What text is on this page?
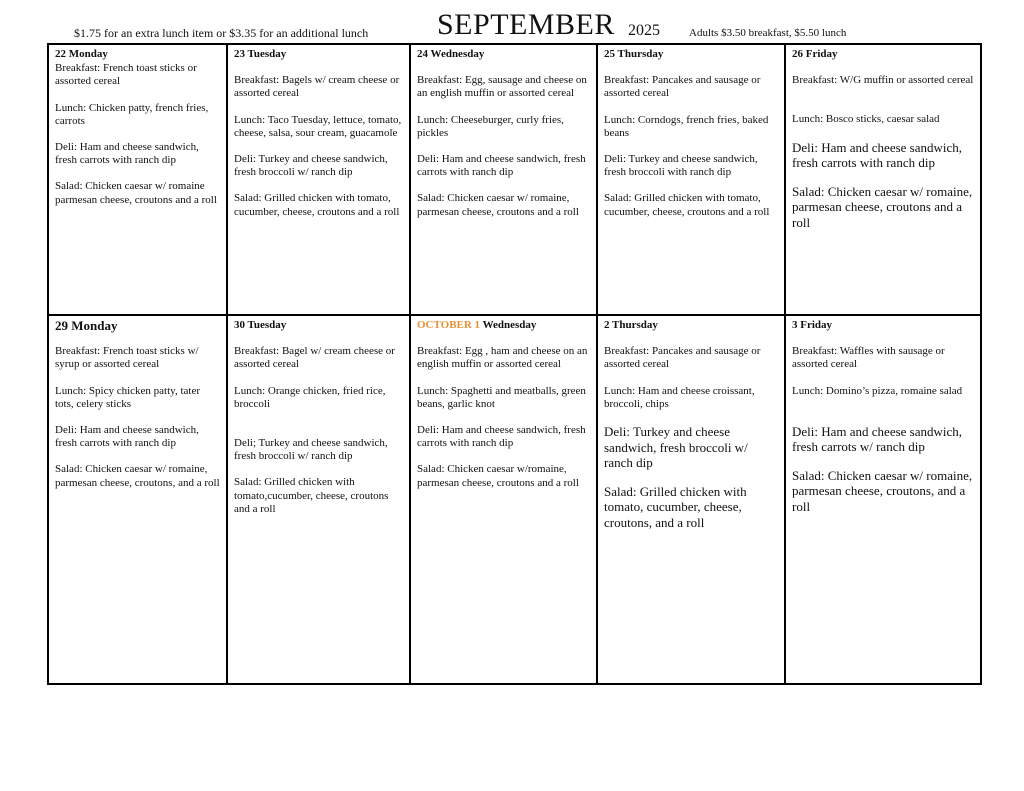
$1.75 for an extra lunch item or $3.35 for an additional lunch SEPTEMBER 2025	Adults $3.50 breakfast, $5.50 lunch
22 Monday

Breakfast: French toast sticks or assorted cereal

Lunch: Chicken patty, french fries, carrots

Deli: Ham and cheese sandwich, fresh carrots with ranch dip

Salad: Chicken caesar w/ romaine parmesan cheese, croutons and a roll

23 Tuesday

Breakfast: Bagels w/ cream cheese or assorted cereal

Lunch: Taco Tuesday, lettuce, tomato, cheese, salsa, sour cream, guacamole

Deli: Turkey and cheese sandwich, fresh broccoli w/ ranch dip

Salad: Grilled chicken with tomato, cucumber, cheese, croutons and a roll

24 Wednesday

Breakfast: Egg, sausage and cheese on an english muffin or assorted cereal

Lunch: Cheeseburger, curly fries, pickles

Deli: Ham and cheese sandwich, fresh carrots with ranch dip

Salad: Chicken caesar w/ romaine, parmesan cheese, croutons and a roll

25 Thursday

Breakfast: Pancakes and sausage or assorted cereal

Lunch: Corndogs, french fries, baked beans

Deli: Turkey and cheese sandwich, fresh broccoli with ranch dip

Salad: Grilled chicken with tomato, cucumber, cheese, croutons and a roll

26 Friday

Breakfast: W/G muffin or assorted cereal

Lunch: Bosco sticks, caesar salad

Deli: Ham and cheese sandwich, fresh carrots with ranch dip

Salad: Chicken caesar w/ romaine, parmesan cheese, croutons and a roll

29 Monday

Breakfast: French toast sticks w/ syrup or assorted cereal

Lunch: Spicy chicken patty, tater tots, celery sticks

Deli: Ham and cheese sandwich, fresh carrots with ranch dip

Salad: Chicken caesar w/ romaine, parmesan cheese, croutons, and a roll

30 Tuesday

Breakfast: Bagel w/ cream cheese or assorted cereal

Lunch: Orange chicken, fried rice, broccoli

Deli; Turkey and cheese sandwich, fresh broccoli w/ ranch dip

Salad: Grilled chicken with tomato,cucumber, cheese, croutons and a roll

OCTOBER 1 Wednesday

Breakfast: Egg , ham and cheese on an english muffin or assorted cereal

Lunch: Spaghetti and meatballs, green beans, garlic knot

Deli: Ham and cheese sandwich, fresh carrots with ranch dip

Salad: Chicken caesar w/romaine, parmesan cheese, croutons and a roll

2 Thursday

Breakfast: Pancakes and sausage or assorted cereal

Lunch: Ham and cheese croissant, broccoli, chips

Deli: Turkey and cheese sandwich, fresh broccoli w/ ranch dip

Salad: Grilled chicken with tomato, cucumber, cheese, croutons, and a roll

3 Friday

Breakfast: Waffles with sausage or assorted cereal

Lunch: Domino’s pizza, romaine salad

Deli: Ham and cheese sandwich, fresh carrots w/ ranch dip

Salad: Chicken caesar w/ romaine, parmesan cheese, croutons, and a roll
